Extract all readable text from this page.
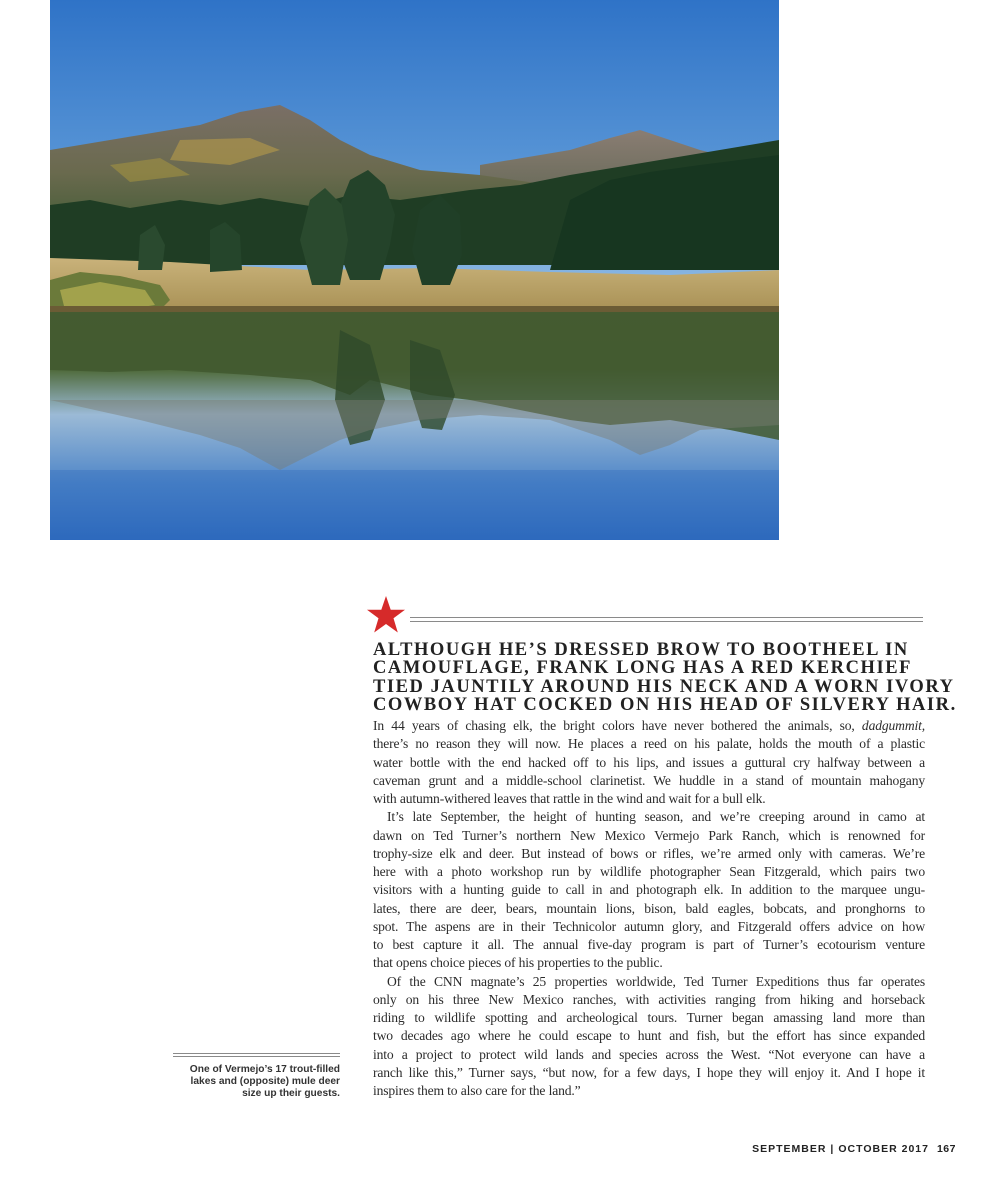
ALTHOUGH HE’S DRESSED BROW TO BOOTHEEL IN
CAMOUFLAGE, FRANK LONG HAS A RED KERCHIEF
TIED JAUNTILY AROUND HIS NECK AND A WORN IVORY
COWBOY HAT COCKED ON HIS HEAD OF SILVERY HAIR.
In 44 years of chasing elk, the bright colors have never bothered the animals, so, dadgummit,
there’s no reason they will now. He places a reed on his palate, holds the mouth of a plastic
water bottle with the end hacked off to his lips, and issues a guttural cry halfway between a
caveman grunt and a middle-school clarinetist. We huddle in a stand of mountain mahogany
with autumn-withered leaves that rattle in the wind and wait for a bull elk.
It’s late September, the height of hunting season, and we’re creeping around in camo at
dawn on Ted Turner’s northern New Mexico Vermejo Park Ranch, which is renowned for
trophy-size elk and deer. But instead of bows or rifles, we’re armed only with cameras. We’re
here with a photo workshop run by wildlife photographer Sean Fitzgerald, which pairs two
visitors with a hunting guide to call in and photograph elk. In addition to the marquee ungu-
lates, there are deer, bears, mountain lions, bison, bald eagles, bobcats, and pronghorns to
spot. The aspens are in their Technicolor autumn glory, and Fitzgerald offers advice on how
to best capture it all. The annual five-day program is part of Turner’s ecotourism venture
that opens choice pieces of his properties to the public.
Of the CNN magnate’s 25 properties worldwide, Ted Turner Expeditions thus far operates
only on his three New Mexico ranches, with activities ranging from hiking and horseback
riding to wildlife spotting and archeological tours. Turner began amassing land more than
two decades ago where he could escape to hunt and fish, but the effort has since expanded
into a project to protect wild lands and species across the West. “Not everyone can have a
ranch like this,” Turner says, “but now, for a few days, I hope they will enjoy it. And I hope it
inspires them to also care for the land.”
One of Vermejo’s 17 trout-filled
lakes and (opposite) mule deer
size up their guests.
SEPTEMBER | OCTOBER 2017 167
